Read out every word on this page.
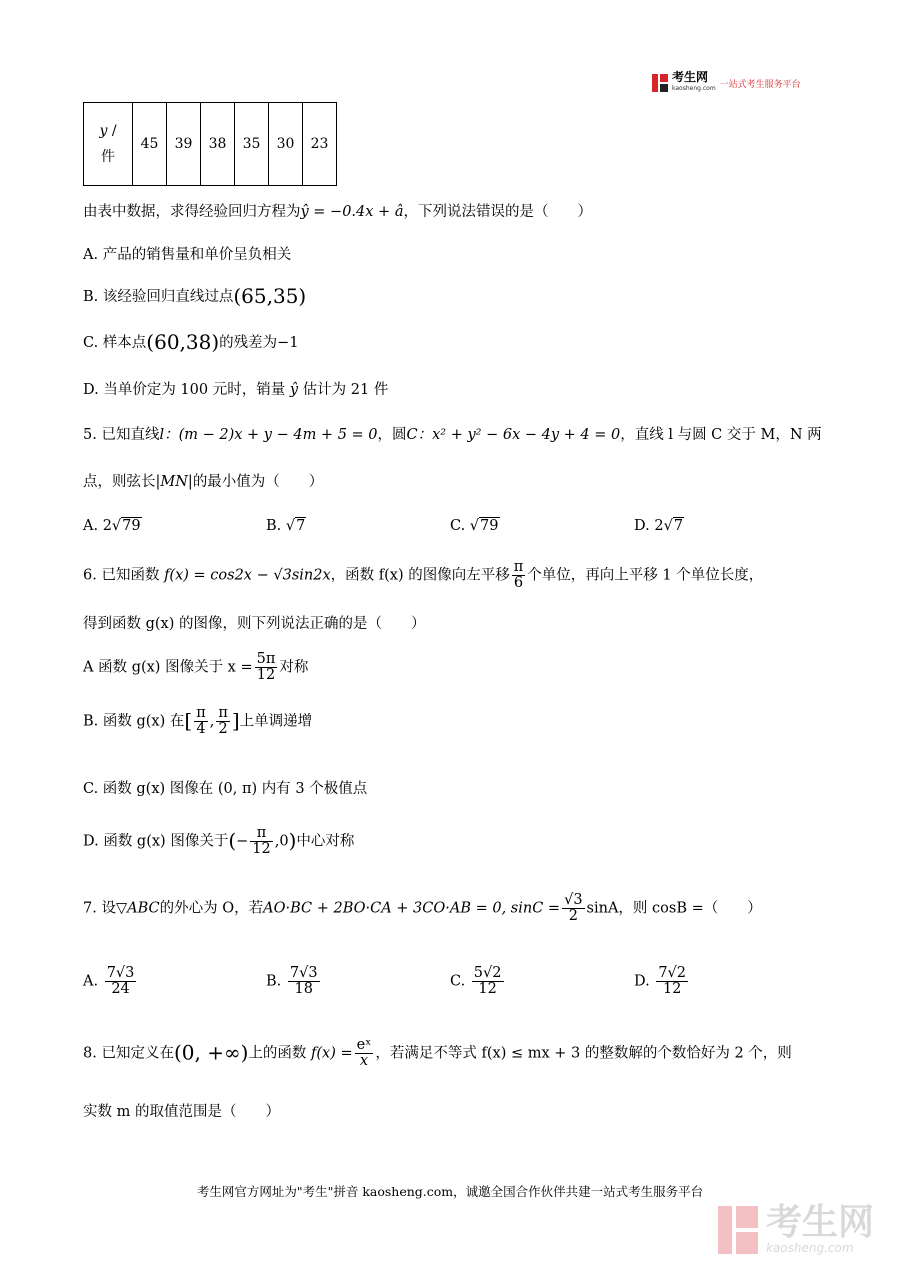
考生网
kaosheng.com 一站式考生服务平台
y /
件	45	39	38	35	30	23
由表中数据，求得经验回归方程为ŷ = −0.4x + â，下列说法错误的是（　　）
A. 产品的销售量和单价呈负相关
B. 该经验回归直线过点(65,35)
C. 样本点(60,38)的残差为−1
D. 当单价定为 100 元时，销量 ŷ 估计为 21 件
5. 已知直线l：(m − 2)x + y − 4m + 5 = 0，圆C：x² + y² − 6x − 4y + 4 = 0，直线 l 与圆 C 交于 M，N 两
点，则弦长|MN|的最小值为（　　）
A. 2√79	B. √7	C. √79	D. 2√7
6. 已知函数 f(x) = cos2x − √3sin2x，函数 f(x) 的图像向左平移 $\frac{\pi}{6}$ 个单位，再向上平移 1 个单位长度，
得到函数 g(x) 的图像，则下列说法正确的是（　　）
A 函数 g(x) 图像关于 $x = \frac{5\pi}{12}$ 对称
B. 函数 g(x) 在[ $\frac{\pi}{4}$ , $\frac{\pi}{2}$ ]上单调递增
C. 函数 g(x) 图像在 (0, π) 内有 3 个极值点
D. 函数 g(x) 图像关于(− $\frac{\pi}{12} ,0$)中心对称
7. 设▽ABC的外心为 O，若AO·BC + 2BO·CA + 3CO·AB = 0, $\sin C = \frac{√3}{2}$ sinA，则 cosB =（　　）
A. $\frac{7√3}{24}$	B. $\frac{7√3}{18}$	C. $\frac{5√2}{12}$	D. $\frac{7√2}{12}$
8. 已知定义在(0, +∞)上的函数 $f(x) = \frac{\text{eˣ}}{x}$ ，若满足不等式 f(x) ≤ mx + 3 的整数解的个数恰好为 2 个，则
实数 m 的取值范围是（　　）
考生网官方网址为"考生"拼音 kaosheng.com，诚邀全国合作伙伴共建一站式考生服务平台
考生网
kaosheng.com
